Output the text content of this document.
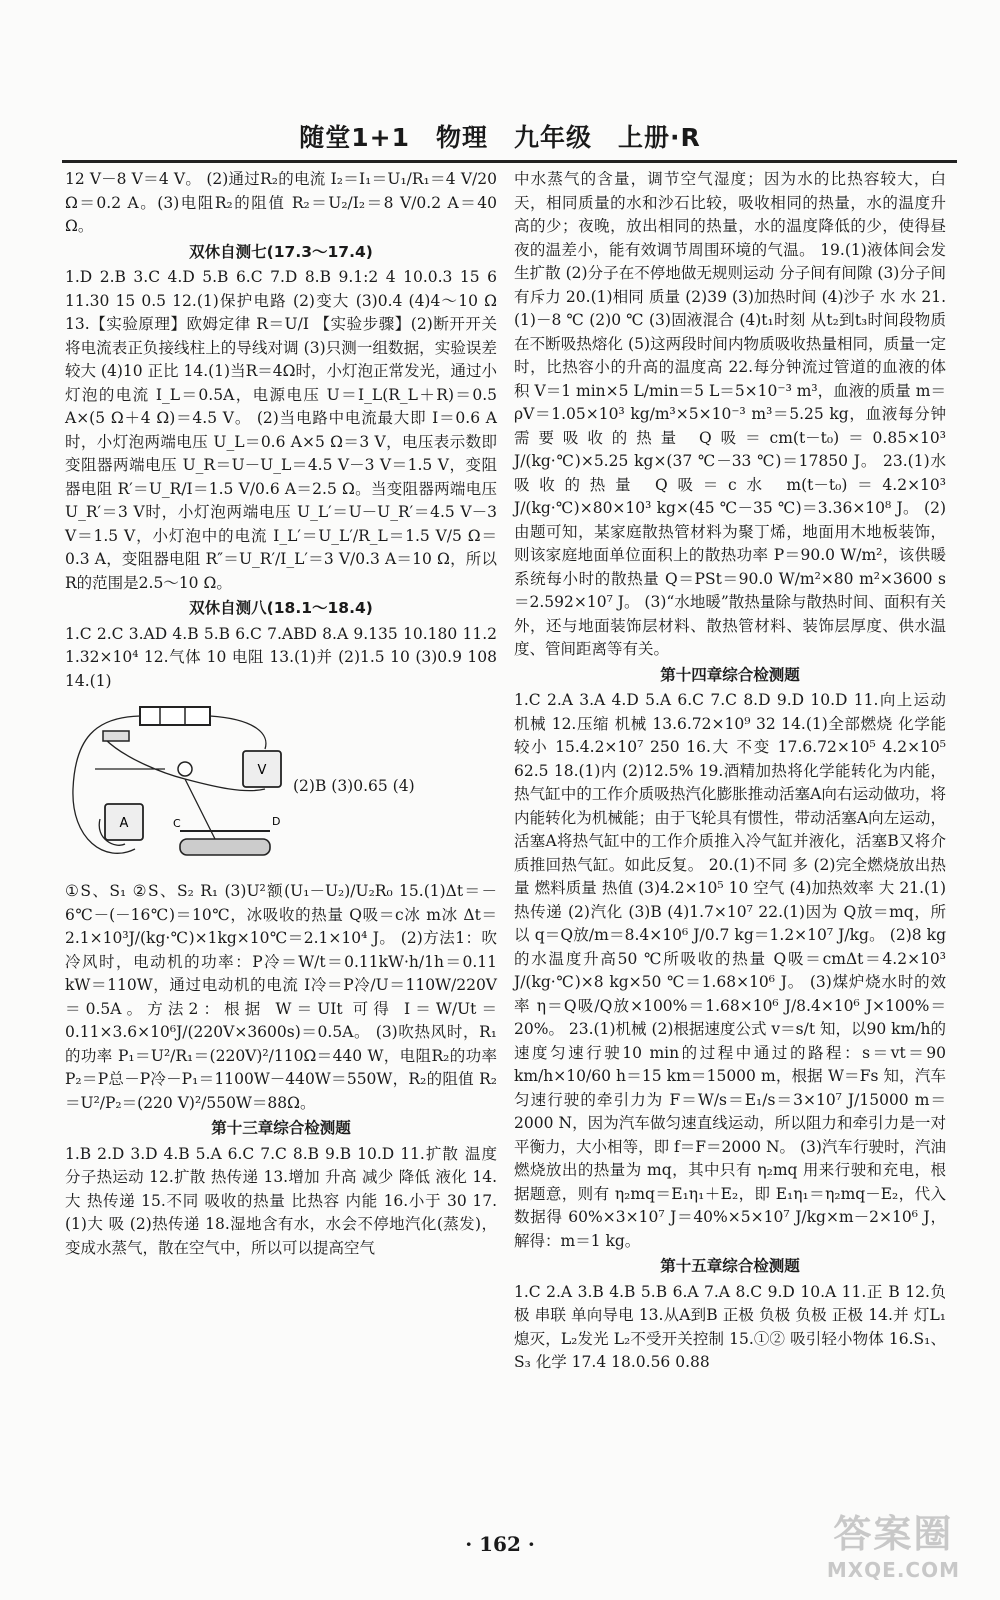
随堂1+1　物理　九年级　上册·R

12 V－8 V＝4 V。 (2)通过R₂的电流 I₂＝I₁＝U₁/R₁＝4 V/20 Ω＝0.2 A。(3)电阻R₂的阻值 R₂＝U₂/I₂＝8 V/0.2 A＝40 Ω。

双休自测七(17.3～17.4)

1.D 2.B 3.C 4.D 5.B 6.C 7.D 8.B 9.1:2 4 10.0.3 15 6 11.30 15 0.5 12.(1)保护电路 (2)变大 (3)0.4 (4)4～10 Ω 13.【实验原理】欧姆定律 R＝U/I 【实验步骤】(2)断开开关 将电流表正负接线柱上的导线对调 (3)只测一组数据，实验误差较大 (4)10 正比 14.(1)当R＝4Ω时，小灯泡正常发光，通过小灯泡的电流 I_L＝0.5A，电源电压 U＝I_L(R_L＋R)＝0.5 A×(5 Ω＋4 Ω)＝4.5 V。 (2)当电路中电流最大即 I＝0.6 A时，小灯泡两端电压 U_L＝0.6 A×5 Ω＝3 V，电压表示数即变阻器两端电压 U_R＝U－U_L＝4.5 V－3 V＝1.5 V，变阻器电阻 R′＝U_R/I＝1.5 V/0.6 A＝2.5 Ω。当变阻器两端电压 U_R′＝3 V时，小灯泡两端电压 U_L′＝U－U_R′＝4.5 V－3 V＝1.5 V，小灯泡中的电流 I_L′＝U_L′/R_L＝1.5 V/5 Ω＝0.3 A，变阻器电阻 R″＝U_R′/I_L′＝3 V/0.3 A＝10 Ω，所以R的范围是2.5～10 Ω。

双休自测八(18.1～18.4)

1.C 2.C 3.AD 4.B 5.B 6.C 7.ABD 8.A 9.135 10.180 11.2 1.32×10⁴ 12.气体 10 电阻 13.(1)并 (2)1.5 10 (3)0.9 108 14.(1)

V
A	C	D
(2)B (3)0.65 (4)

①S、S₁ ②S、S₂ R₁ (3)U²额(U₁－U₂)/U₂R₀ 15.(1)Δt＝－6℃－(－16℃)＝10℃，冰吸收的热量 Q吸＝c冰 m冰 Δt＝2.1×10³J/(kg·℃)×1kg×10℃＝2.1×10⁴ J。 (2)方法1：吹冷风时，电动机的功率：P冷＝W/t＝0.11kW·h/1h＝0.11 kW＝110W，通过电动机的电流 I冷＝P冷/U＝110W/220V＝0.5A。方法2：根据 W＝UIt 可得 I＝W/Ut＝0.11×3.6×10⁶J/(220V×3600s)＝0.5A。 (3)吹热风时，R₁的功率 P₁＝U²/R₁＝(220V)²/110Ω＝440 W，电阻R₂的功率 P₂＝P总－P冷－P₁＝1100W－440W＝550W，R₂的阻值 R₂＝U²/P₂＝(220 V)²/550W＝88Ω。

第十三章综合检测题

1.B 2.D 3.D 4.B 5.A 6.C 7.C 8.B 9.B 10.D 11.扩散 温度 分子热运动 12.扩散 热传递 13.增加 升高 减少 降低 液化 14.大 热传递 15.不同 吸收的热量 比热容 内能 16.小于 30 17.(1)大 吸 (2)热传递 18.湿地含有水，水会不停地汽化(蒸发)，变成水蒸气，散在空气中，所以可以提高空气

中水蒸气的含量，调节空气湿度；因为水的比热容较大，白天，相同质量的水和沙石比较，吸收相同的热量，水的温度升高的少；夜晚，放出相同的热量，水的温度降低的少，使得昼夜的温差小，能有效调节周围环境的气温。 19.(1)液体间会发生扩散 (2)分子在不停地做无规则运动 分子间有间隙 (3)分子间有斥力 20.(1)相同 质量 (2)39 (3)加热时间 (4)沙子 水 水 21.(1)－8 ℃ (2)0 ℃ (3)固液混合 (4)t₁时刻 从t₂到t₃时间段物质在不断吸热熔化 (5)这两段时间内物质吸收热量相同，质量一定时，比热容小的升高的温度高 22.每分钟流过管道的血液的体积 V＝1 min×5 L/min＝5 L＝5×10⁻³ m³，血液的质量 m＝ρV＝1.05×10³ kg/m³×5×10⁻³ m³＝5.25 kg，血液每分钟需要吸收的热量 Q吸＝cm(t－t₀)＝0.85×10³ J/(kg·℃)×5.25 kg×(37 ℃－33 ℃)＝17850 J。 23.(1)水吸收的热量 Q吸＝c水 m(t－t₀)＝4.2×10³ J/(kg·℃)×80×10³ kg×(45 ℃－35 ℃)＝3.36×10⁸ J。 (2)由题可知，某家庭散热管材料为聚丁烯，地面用木地板装饰，则该家庭地面单位面积上的散热功率 P＝90.0 W/m²，该供暖系统每小时的散热量 Q＝PSt＝90.0 W/m²×80 m²×3600 s＝2.592×10⁷ J。 (3)“水地暖”散热量除与散热时间、面积有关外，还与地面装饰层材料、散热管材料、装饰层厚度、供水温度、管间距离等有关。

第十四章综合检测题

1.C 2.A 3.A 4.D 5.A 6.C 7.C 8.D 9.D 10.D 11.向上运动 机械 12.压缩 机械 13.6.72×10⁹ 32 14.(1)全部燃烧 化学能 较小 15.4.2×10⁷ 250 16.大 不变 17.6.72×10⁵ 4.2×10⁵ 62.5 18.(1)内 (2)12.5% 19.酒精加热将化学能转化为内能，热气缸中的工作介质吸热汽化膨胀推动活塞A向右运动做功，将内能转化为机械能；由于飞轮具有惯性，带动活塞A向左运动，活塞A将热气缸中的工作介质推入冷气缸并液化，活塞B又将介质推回热气缸。如此反复。 20.(1)不同 多 (2)完全燃烧放出热量 燃料质量 热值 (3)4.2×10⁵ 10 空气 (4)加热效率 大 21.(1)热传递 (2)汽化 (3)B (4)1.7×10⁷ 22.(1)因为 Q放＝mq，所以 q＝Q放/m＝8.4×10⁶ J/0.7 kg＝1.2×10⁷ J/kg。 (2)8 kg的水温度升高50 ℃所吸收的热量 Q吸＝cmΔt＝4.2×10³ J/(kg·℃)×8 kg×50 ℃＝1.68×10⁶ J。 (3)煤炉烧水时的效率 η＝Q吸/Q放×100%＝1.68×10⁶ J/8.4×10⁶ J×100%＝20%。 23.(1)机械 (2)根据速度公式 v＝s/t 知，以90 km/h的速度匀速行驶10 min的过程中通过的路程：s＝vt＝90 km/h×10/60 h＝15 km＝15000 m，根据 W＝Fs 知，汽车匀速行驶的牵引力为 F＝W/s＝E₁/s＝3×10⁷ J/15000 m＝2000 N，因为汽车做匀速直线运动，所以阻力和牵引力是一对平衡力，大小相等，即 f＝F＝2000 N。 (3)汽车行驶时，汽油燃烧放出的热量为 mq，其中只有 η₂mq 用来行驶和充电，根据题意，则有 η₂mq＝E₁η₁＋E₂，即 E₁η₁＝η₂mq－E₂，代入数据得 60%×3×10⁷ J＝40%×5×10⁷ J/kg×m－2×10⁶ J，解得：m＝1 kg。

第十五章综合检测题

1.C 2.A 3.B 4.B 5.B 6.A 7.A 8.C 9.D 10.A 11.正 B 12.负极 串联 单向导电 13.从A到B 正极 负极 负极 正极 14.并 灯L₁熄灭，L₂发光 L₂不受开关控制 15.①② 吸引轻小物体 16.S₁、S₃ 化学 17.4 18.0.56 0.88

· 162 ·	答案圈
MXQE.COM
